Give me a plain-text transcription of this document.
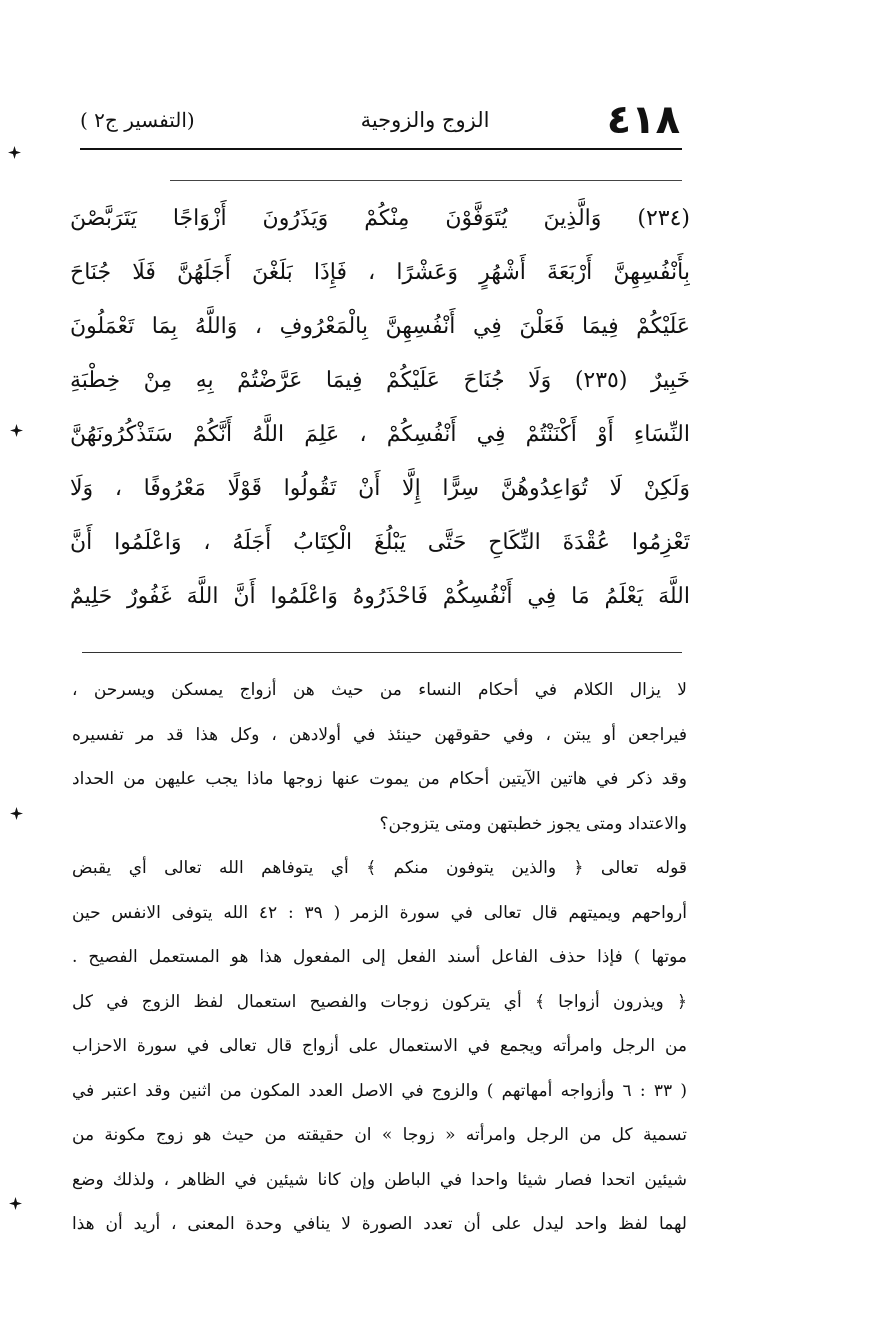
٤١٨
الزوج والزوجية
(التفسير ج٢ )
(٢٣٤) وَالَّذِينَ يُتَوَفَّوْنَ مِنْكُمْ وَيَذَرُونَ أَزْوَاجًا يَتَرَبَّصْنَ
بِأَنْفُسِهِنَّ أَرْبَعَةَ أَشْهُرٍ وَعَشْرًا ، فَإِذَا بَلَغْنَ أَجَلَهُنَّ فَلَا جُنَاحَ
عَلَيْكُمْ فِيمَا فَعَلْنَ فِي أَنْفُسِهِنَّ بِالْمَعْرُوفِ ، وَاللَّهُ بِمَا تَعْمَلُونَ
خَبِيرٌ (٢٣٥) وَلَا جُنَاحَ عَلَيْكُمْ فِيمَا عَرَّضْتُمْ بِهِ مِنْ خِطْبَةِ
النِّسَاءِ أَوْ أَكْنَنْتُمْ فِي أَنْفُسِكُمْ ، عَلِمَ اللَّهُ أَنَّكُمْ سَتَذْكُرُونَهُنَّ
وَلَكِنْ لَا تُوَاعِدُوهُنَّ سِرًّا إِلَّا أَنْ تَقُولُوا قَوْلًا مَعْرُوفًا ، وَلَا
تَعْزِمُوا عُقْدَةَ النِّكَاحِ حَتَّى يَبْلُغَ الْكِتَابُ أَجَلَهُ ، وَاعْلَمُوا أَنَّ
اللَّهَ يَعْلَمُ مَا فِي أَنْفُسِكُمْ فَاحْذَرُوهُ وَاعْلَمُوا أَنَّ اللَّهَ غَفُورٌ حَلِيمٌ
لا يزال الكلام في أحكام النساء من حيث هن أزواج يمسكن ويسرحن ،
فيراجعن أو يبتن ، وفي حقوقهن حينئذ في أولادهن ، وكل هذا قد مر تفسيره
وقد ذكر في هاتين الآيتين أحكام من يموت عنها زوجها ماذا يجب عليهن من الحداد
والاعتداد ومتى يجوز خطبتهن ومتى يتزوجن؟
قوله تعالى ﴿ والذين يتوفون منكم ﴾ أي يتوفاهم الله تعالى أي يقبض
أرواحهم ويميتهم قال تعالى في سورة الزمر ( ٣٩ : ٤٢ الله يتوفى الانفس حين
موتها ) فإذا حذف الفاعل أسند الفعل إلى المفعول هذا هو المستعمل الفصيح .
﴿ ويذرون أزواجا ﴾ أي يتركون زوجات والفصيح استعمال لفظ الزوج في كل
من الرجل وامرأته ويجمع في الاستعمال على أزواج قال تعالى في سورة الاحزاب
( ٣٣ : ٦ وأزواجه أمهاتهم ) والزوج في الاصل العدد المكون من اثنين وقد اعتبر في
تسمية كل من الرجل وامرأته « زوجا » ان حقيقته من حيث هو زوج مكونة من
شيئين اتحدا فصار شيئا واحدا في الباطن وإن كانا شيئين في الظاهر ، ولذلك وضع
لهما لفظ واحد ليدل على أن تعدد الصورة لا ينافي وحدة المعنى ، أريد أن هذا
